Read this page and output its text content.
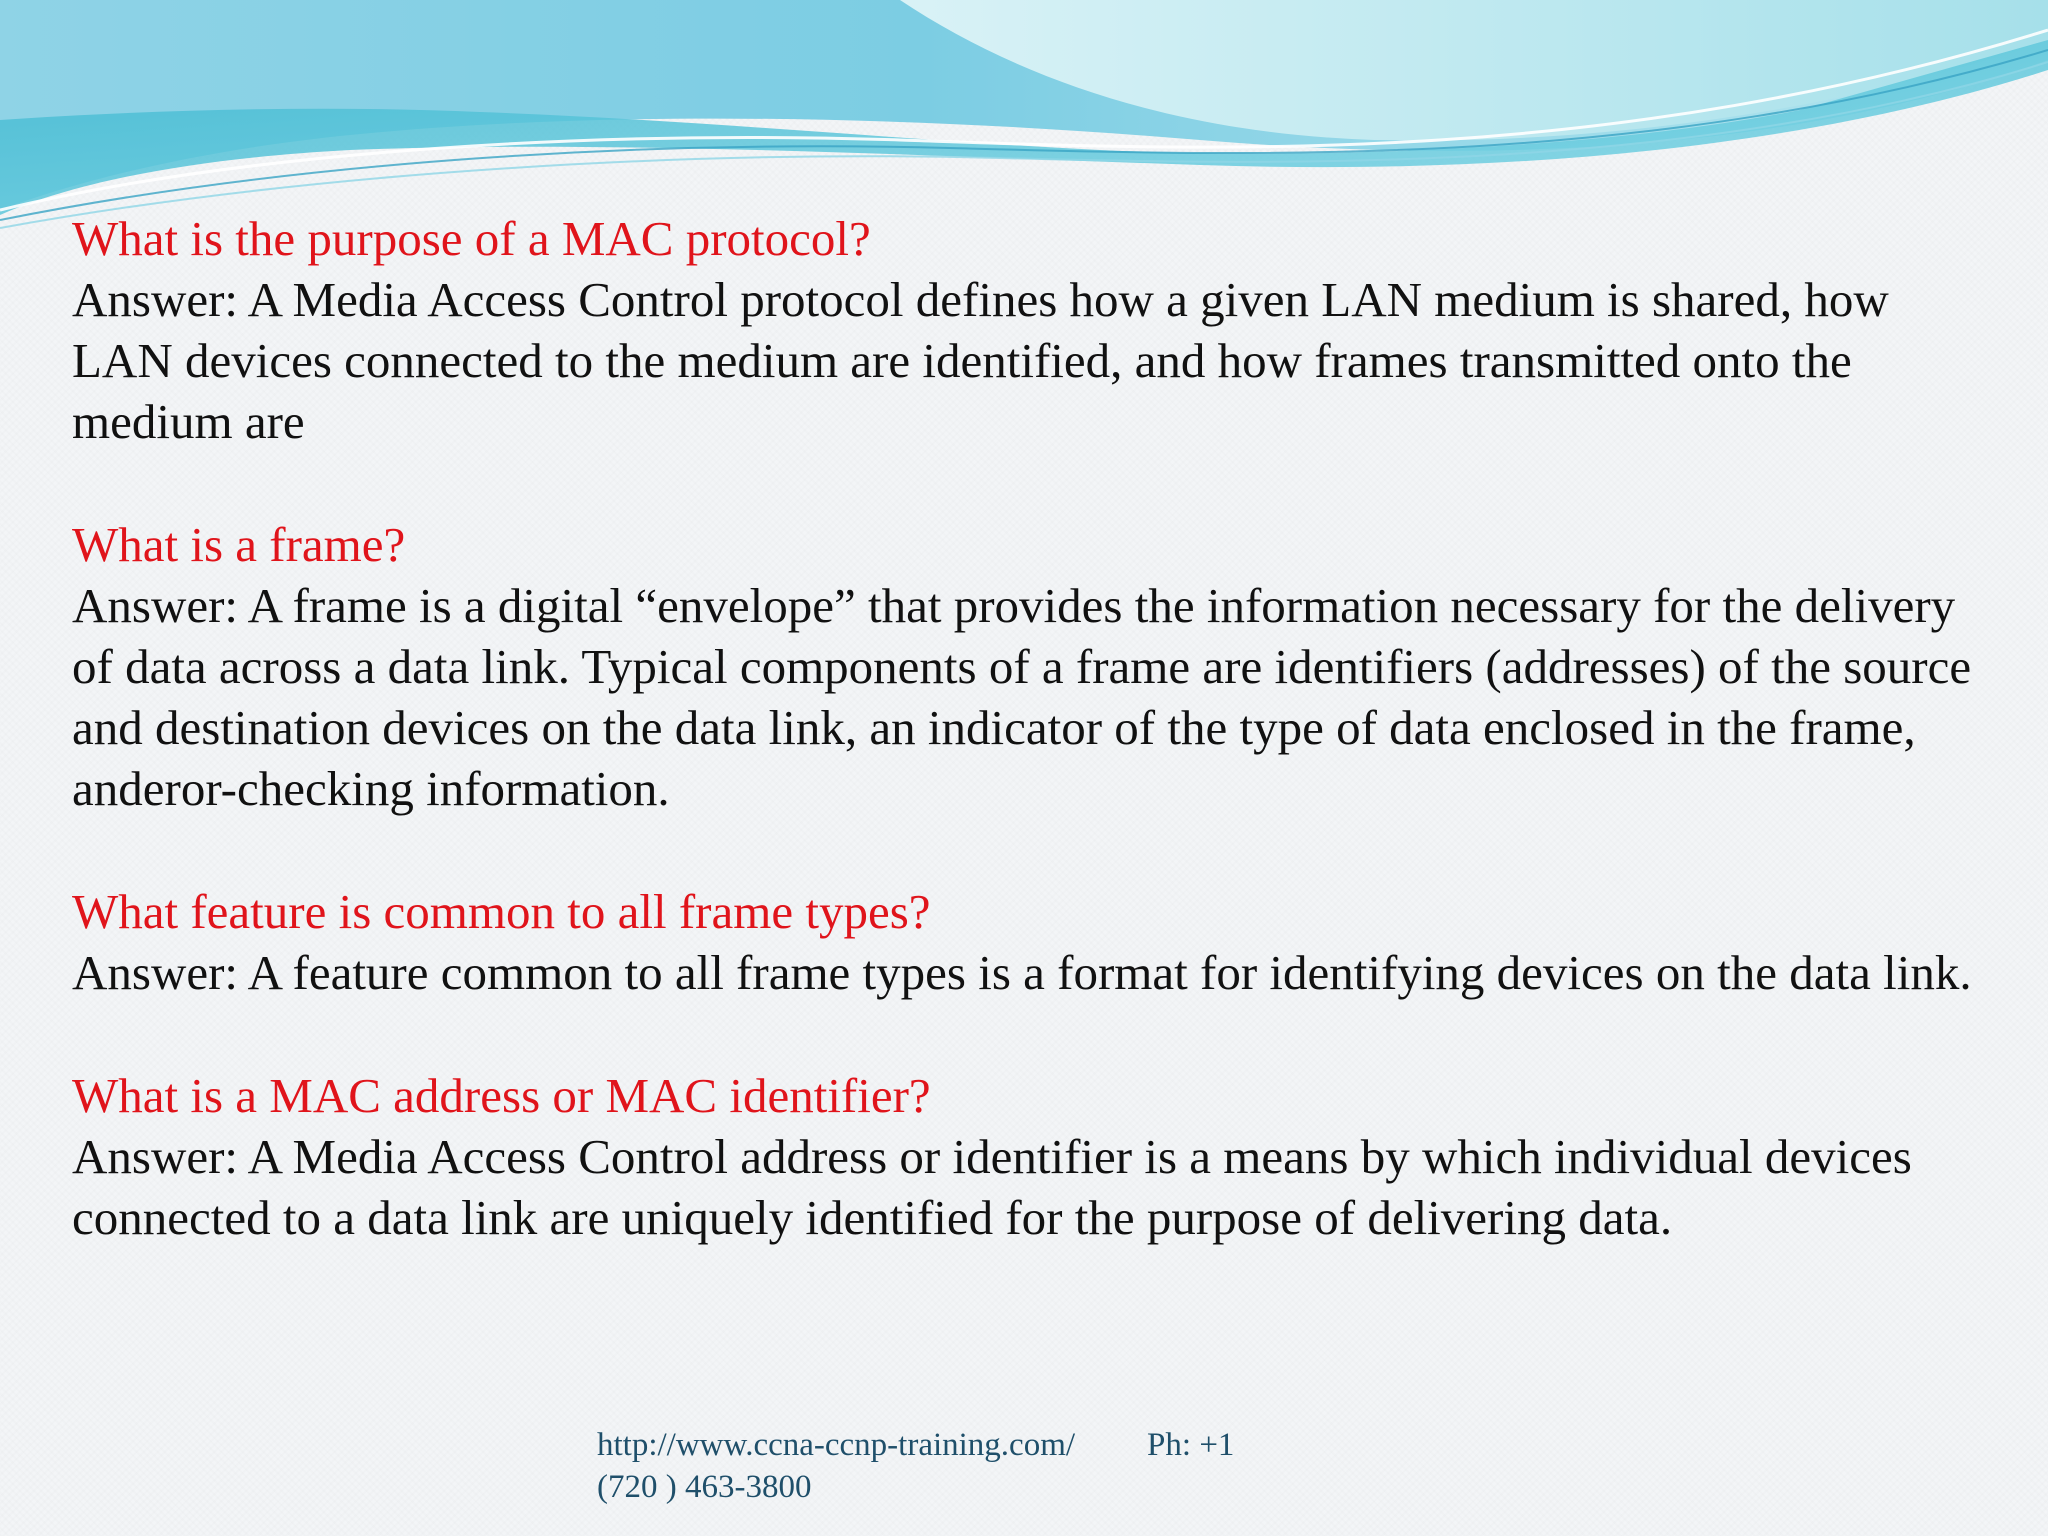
What is the purpose of a MAC protocol?

Answer: A Media Access Control protocol defines how a given LAN medium is shared, how LAN devices connected to the medium are identified, and how frames transmitted onto the medium are

What is a frame?

Answer: A frame is a digital “envelope” that provides the information necessary for the delivery of data across a data link. Typical components of a frame are identifiers (addresses) of the source and destination devices on the data link, an indicator of the type of data enclosed in the frame, anderor-checking information.

What feature is common to all frame types?

Answer: A feature common to all frame types is a format for identifying devices on the data link.

What is a MAC address or MAC identifier?

Answer: A Media Access Control address or identifier is a means by which individual devices connected to a data link are uniquely identified for the purpose of delivering data.

http://www.ccna-ccnp-training.com/ Ph: +1
(720 ) 463-3800
